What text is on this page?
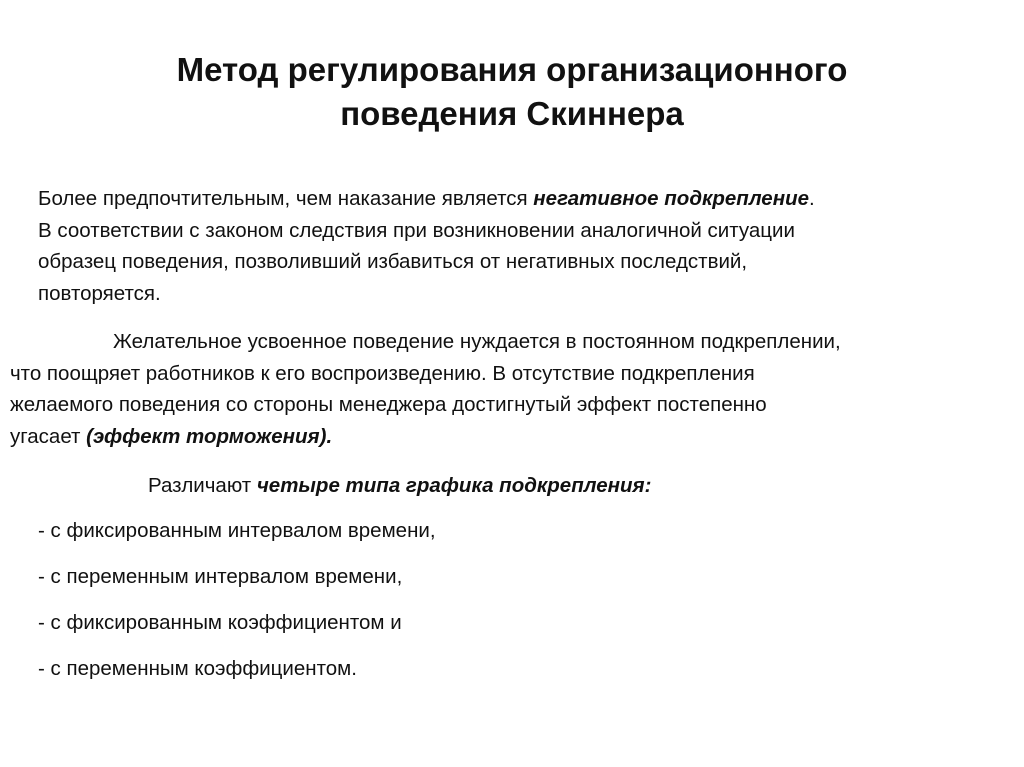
Метод регулирования организационного
поведения Скиннера
Более предпочтительным, чем наказание является негативное подкрепление.
В соответствии с законом следствия при возникновении аналогичной ситуации
образец поведения, позволивший избавиться от негативных последствий,
повторяется.
Желательное усвоенное поведение нуждается в постоянном подкреплении,
что поощряет работников к его воспроизведению. В отсутствие подкрепления
желаемого поведения со стороны менеджера достигнутый эффект постепенно
угасает (эффект торможения).
Различают четыре типа графика подкрепления:
- с фиксированным интервалом времени,
- с переменным интервалом времени,
- с фиксированным коэффициентом и
- с переменным коэффициентом.
